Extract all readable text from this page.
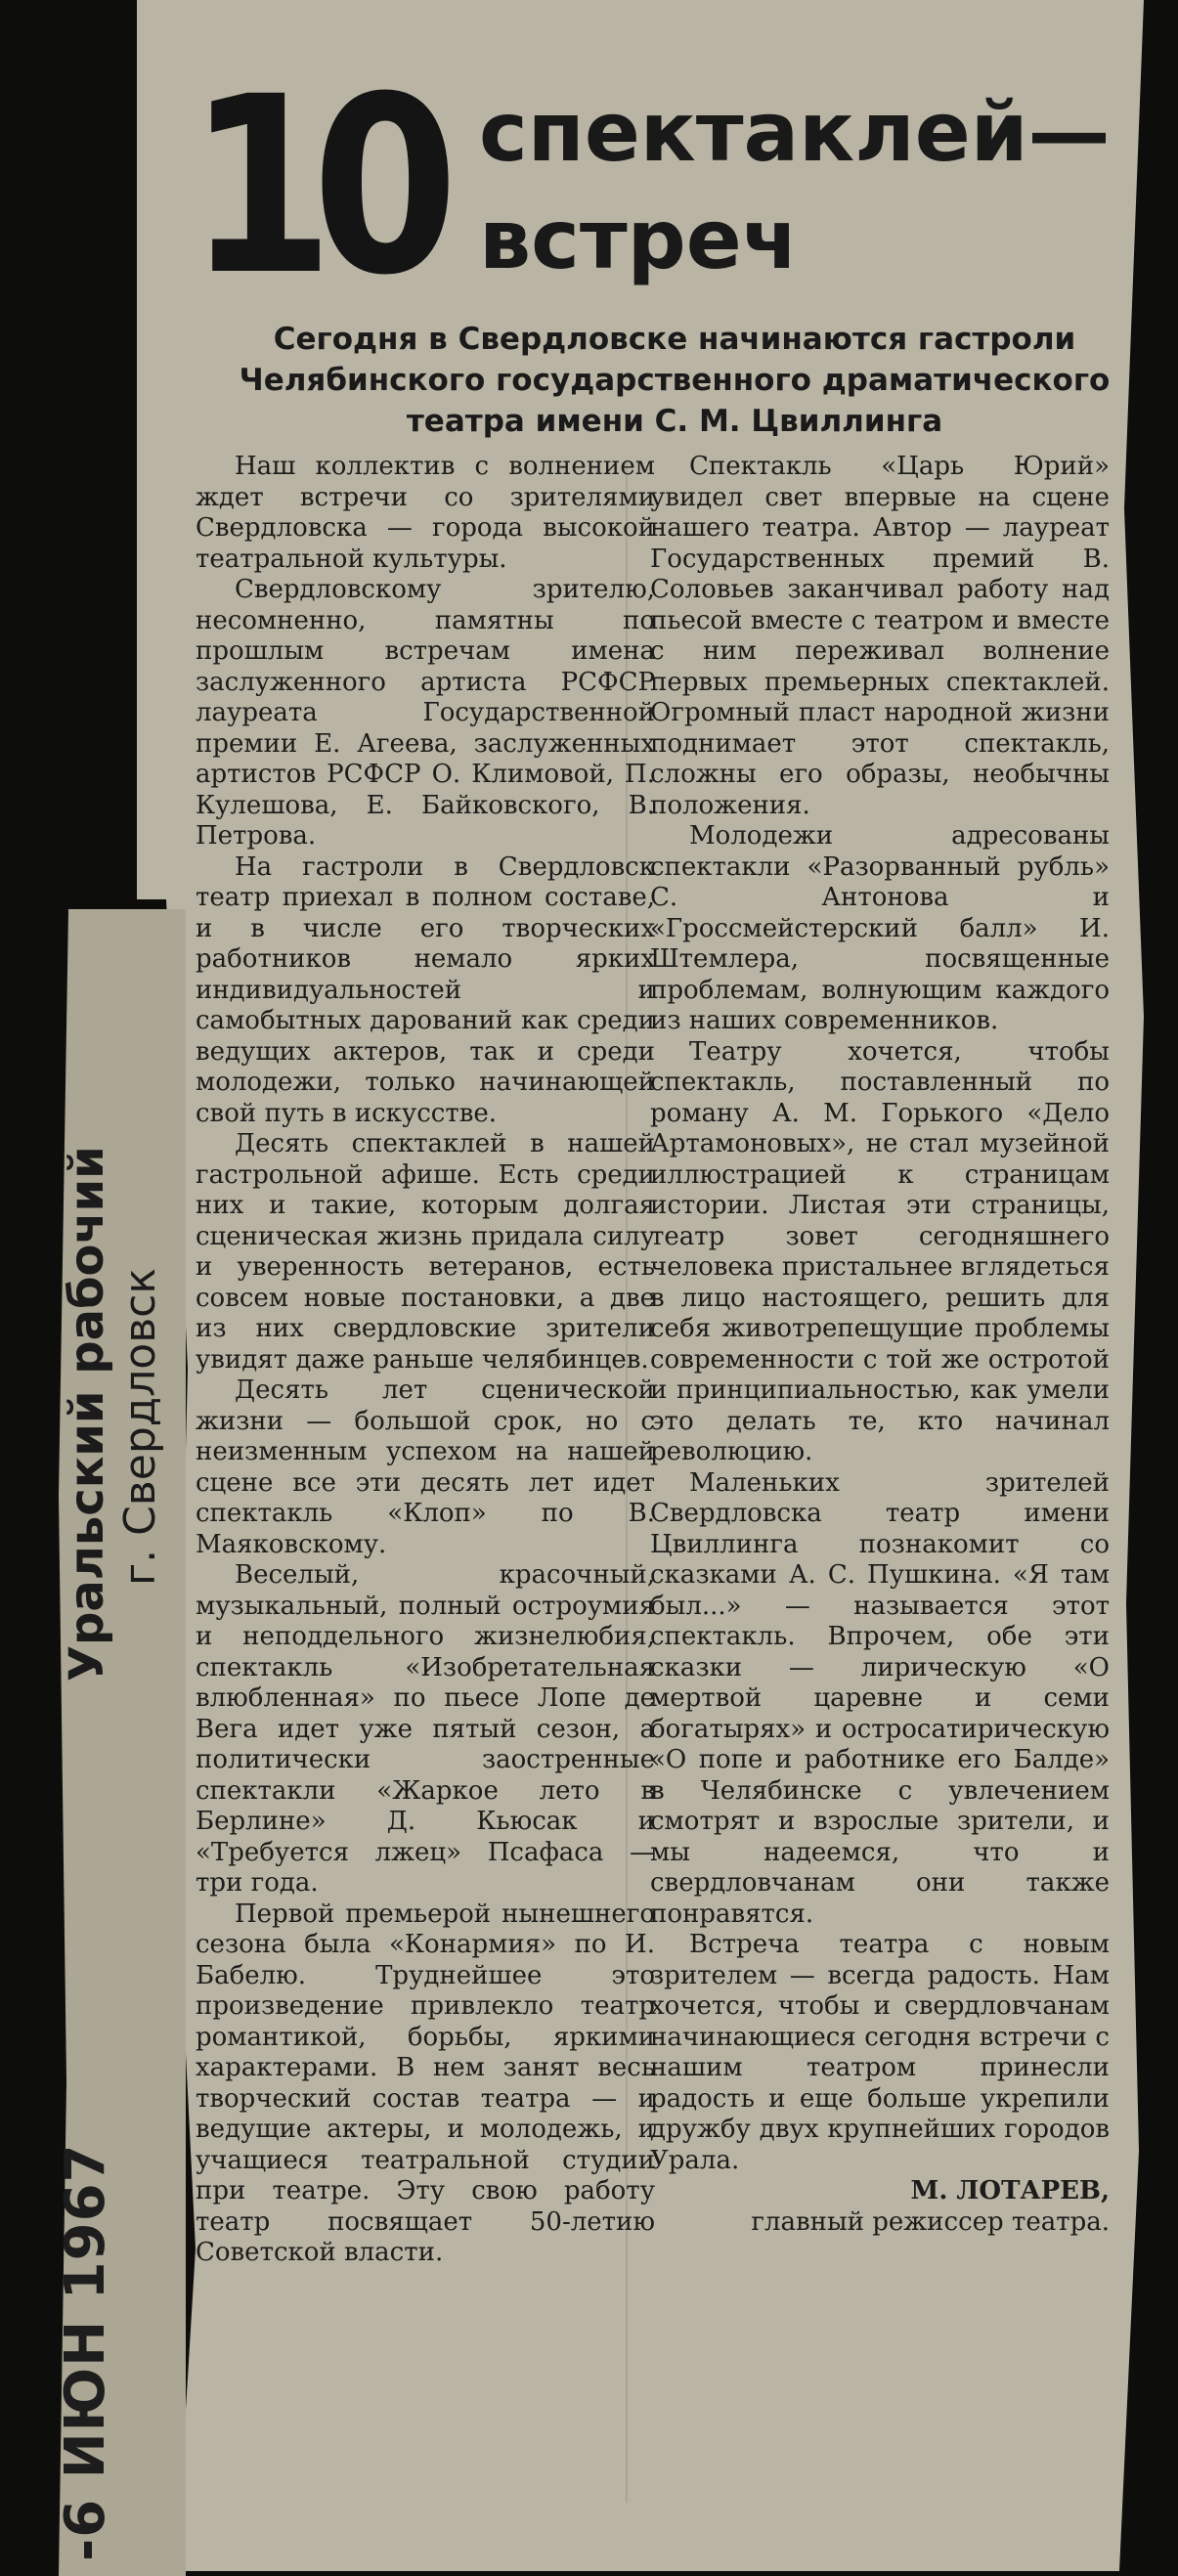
Уральский рабочий г. Свердловск
-6 ИЮН 1967
10 спектаклей—
встреч
Сегодня в Свердловске начинаются гастроли Челябинского государственного драматического театра имени С. М. Цвиллинга

Наш коллектив с волнением ждет встречи со зрителями Свердловска — города высокой театральной культуры.

Свердловскому зрителю, несомненно, памятны по прошлым встречам имена заслуженного артиста РСФСР лауреата Государственной премии Е. Агеева, заслуженных артистов РСФСР О. Климовой, П. Кулешова, Е. Байковского, В. Петрова.

На гастроли в Свердловск театр приехал в полном составе, и в числе его творческих работников немало ярких индивидуальностей и самобытных дарований как среди ведущих актеров, так и среди молодежи, только начинающей свой путь в искусстве.

Десять спектаклей в нашей гастрольной афише. Есть среди них и такие, которым долгая сценическая жизнь придала силу и уверенность ветеранов, есть совсем новые постановки, а две из них свердловские зрители увидят даже раньше челябинцев.

Десять лет сценической жизни — большой срок, но с неизменным успехом на нашей сцене все эти десять лет идет спектакль «Клоп» по В. Маяковскому.

Веселый, красочный, музыкальный, полный остроумия и неподдельного жизнелюбия, спектакль «Изобретательная влюбленная» по пьесе Лопе де Вега идет уже пятый сезон, а политически заостренные спектакли «Жаркое лето в Берлине» Д. Кьюсак и «Требуется лжец» Псафаса — три года.

Первой премьерой нынешнего сезона была «Конармия» по И. Бабелю. Труднейшее это произведение привлекло театр романтикой, борьбы, яркими характерами. В нем занят весь творческий состав театра — и ведущие актеры, и молодежь, и учащиеся театральной студии при театре. Эту свою работу театр посвящает 50-летию Советской власти.

Спектакль «Царь Юрий» увидел свет впервые на сцене нашего театра. Автор — лауреат Государственных премий В. Соловьев заканчивал работу над пьесой вместе с театром и вместе с ним переживал волнение первых премьерных спектаклей. Огромный пласт народной жизни поднимает этот спектакль, сложны его образы, необычны положения.

Молодежи адресованы спектакли «Разорванный рубль» С. Антонова и «Гроссмейстерский балл» И. Штемлера, посвященные проблемам, волнующим каждого из наших современников.

Театру хочется, чтобы спектакль, поставленный по роману А. М. Горького «Дело Артамоновых», не стал музейной иллюстрацией к страницам истории. Листая эти страницы, театр зовет сегодняшнего человека пристальнее вглядеться в лицо настоящего, решить для себя животрепещущие проблемы современности с той же остротой и принципиальностью, как умели это делать те, кто начинал революцию.

Маленьких зрителей Свердловска театр имени Цвиллинга познакомит со сказками А. С. Пушкина. «Я там был...» — называется этот спектакль. Впрочем, обе эти сказки — лирическую «О мертвой царевне и семи богатырях» и остросатирическую «О попе и работнике его Балде» в Челябинске с увлечением смотрят и взрослые зрители, и мы надеемся, что и свердловчанам они также понравятся.

Встреча театра с новым зрителем — всегда радость. Нам хочется, чтобы и свердловчанам начинающиеся сегодня встречи с нашим театром принесли радость и еще больше укрепили дружбу двух крупнейших городов Урала.

М. ЛОТАРЕВ,

главный режиссер театра.
